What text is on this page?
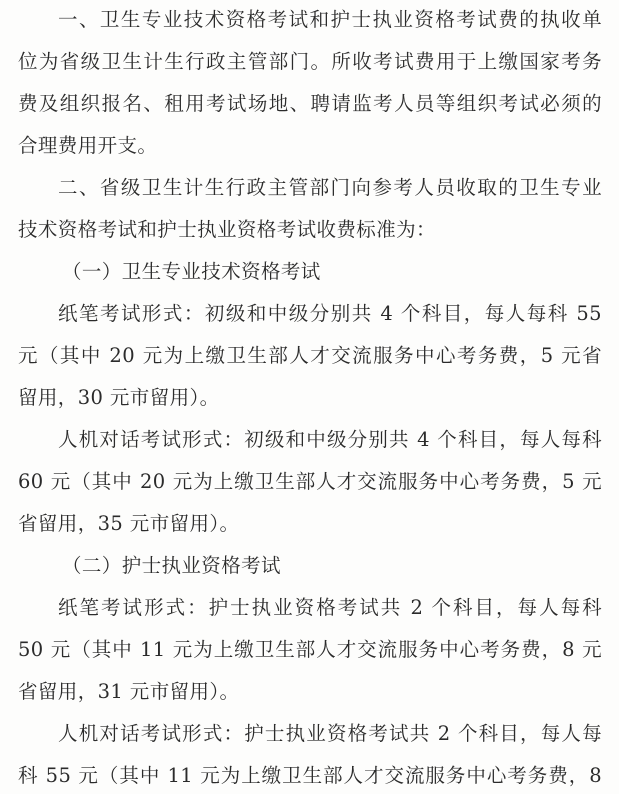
一、卫生专业技术资格考试和护士执业资格考试费的执收单
位为省级卫生计生行政主管部门。所收考试费用于上缴国家考务
费及组织报名、租用考试场地、聘请监考人员等组织考试必须的
合理费用开支。
二、省级卫生计生行政主管部门向参考人员收取的卫生专业
技术资格考试和护士执业资格考试收费标准为：
（一）卫生专业技术资格考试
纸笔考试形式：初级和中级分别共 4 个科目，每人每科 55
元（其中 20 元为上缴卫生部人才交流服务中心考务费，5 元省
留用，30 元市留用）。
人机对话考试形式：初级和中级分别共 4 个科目，每人每科
60 元（其中 20 元为上缴卫生部人才交流服务中心考务费，5 元
省留用，35 元市留用）。
（二）护士执业资格考试
纸笔考试形式：护士执业资格考试共 2 个科目，每人每科
50 元（其中 11 元为上缴卫生部人才交流服务中心考务费，8 元
省留用，31 元市留用）。
人机对话考试形式：护士执业资格考试共 2 个科目，每人每
科 55 元（其中 11 元为上缴卫生部人才交流服务中心考务费，8
